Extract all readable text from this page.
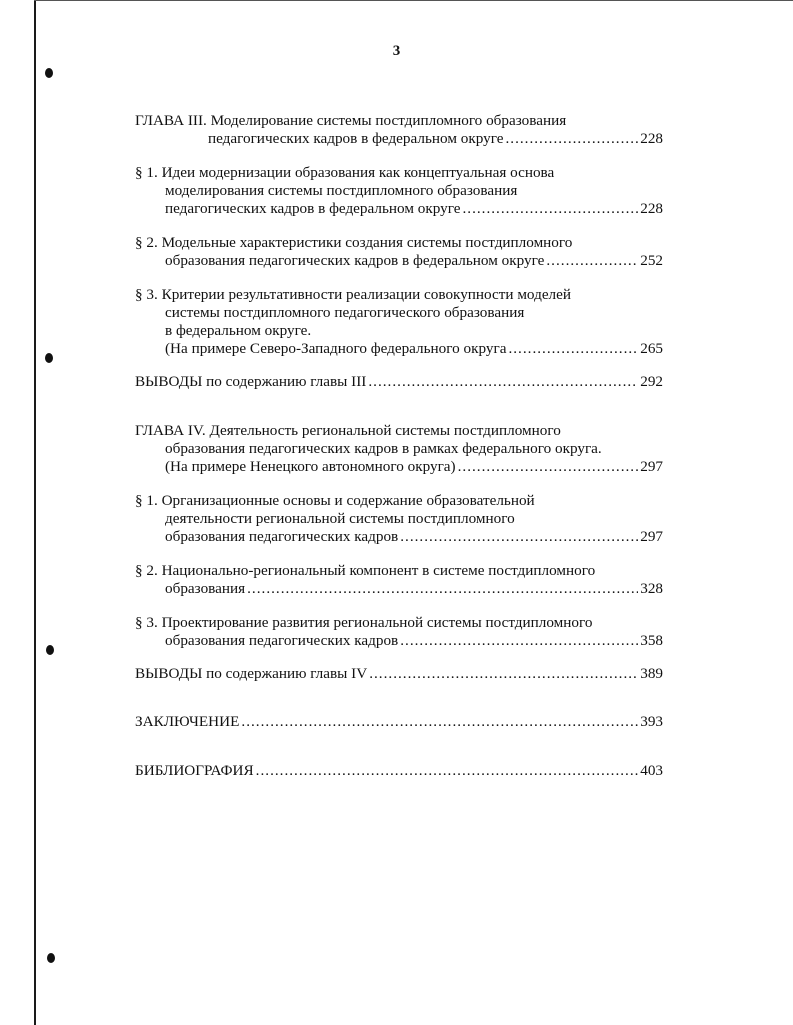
3
ГЛАВА III. Моделирование системы постдипломного образования
педагогических кадров в федеральном округе .....	228
§ 1. Идеи модернизации образования как концептуальная основа
моделирования системы постдипломного образования
педагогических кадров в федеральном округе .....	228
§ 2. Модельные характеристики создания системы постдипломного
образования педагогических кадров в федеральном округе .....	252
§ 3. Критерии результативности реализации совокупности моделей
системы постдипломного педагогического образования
в федеральном округе.
(На примере Северо-Западного федерального округа .....	265
ВЫВОДЫ по содержанию главы III .....	292
ГЛАВА IV. Деятельность региональной системы постдипломного
образования педагогических кадров в рамках федерального округа.
(На примере Ненецкого автономного округа) .....	297
§ 1. Организационные основы и содержание образовательной
деятельности региональной системы постдипломного
образования педагогических кадров .....	297
§ 2. Национально-региональный компонент в системе постдипломного
образования .....	328
§ 3. Проектирование развития региональной системы постдипломного
образования педагогических кадров .....	358
ВЫВОДЫ по содержанию главы IV .....	389
ЗАКЛЮЧЕНИЕ .....	393
БИБЛИОГРАФИЯ .....	403
